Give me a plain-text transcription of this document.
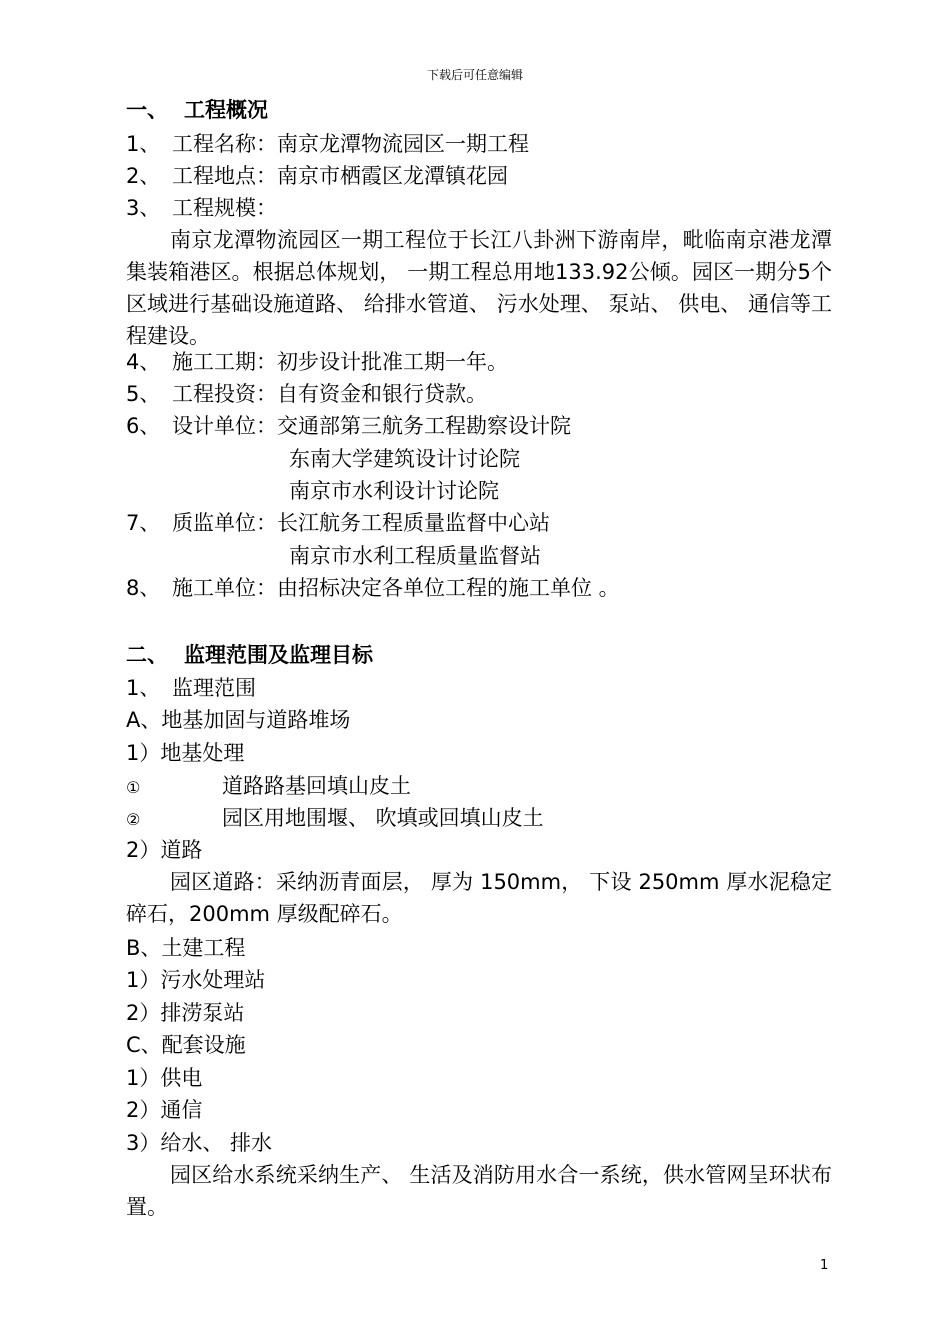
下载后可任意编辑
一、 工程概况
1、 工程名称：南京龙潭物流园区一期工程
2、 工程地点：南京市栖霞区龙潭镇花园
3、 工程规模：
南京龙潭物流园区一期工程位于长江八卦洲下游南岸，毗临南京港龙潭集装箱港区。根据总体规划， 一期工程总用地133.92公倾。园区一期分5个区域进行基础设施道路、 给排水管道、 污水处理、 泵站、 供电、 通信等工程建设。
4、 施工工期：初步设计批准工期一年。
5、 工程投资：自有资金和银行贷款。
6、 设计单位：交通部第三航务工程勘察设计院
东南大学建筑设计讨论院
南京市水利设计讨论院
7、 质监单位：长江航务工程质量监督中心站
南京市水利工程质量监督站
8、 施工单位：由招标决定各单位工程的施工单位 。
二、 监理范围及监理目标
1、 监理范围
A、地基加固与道路堆场
1）地基处理
①	道路路基回填山皮土
②	园区用地围堰、 吹填或回填山皮土
2）道路
园区道路：采纳沥青面层， 厚为 150mm， 下设 250mm 厚水泥稳定碎石，200mm 厚级配碎石。
B、土建工程
1）污水处理站
2）排涝泵站
C、配套设施
1）供电
2）通信
3）给水、 排水
园区给水系统采纳生产、 生活及消防用水合一系统，供水管网呈环状布置。
1
